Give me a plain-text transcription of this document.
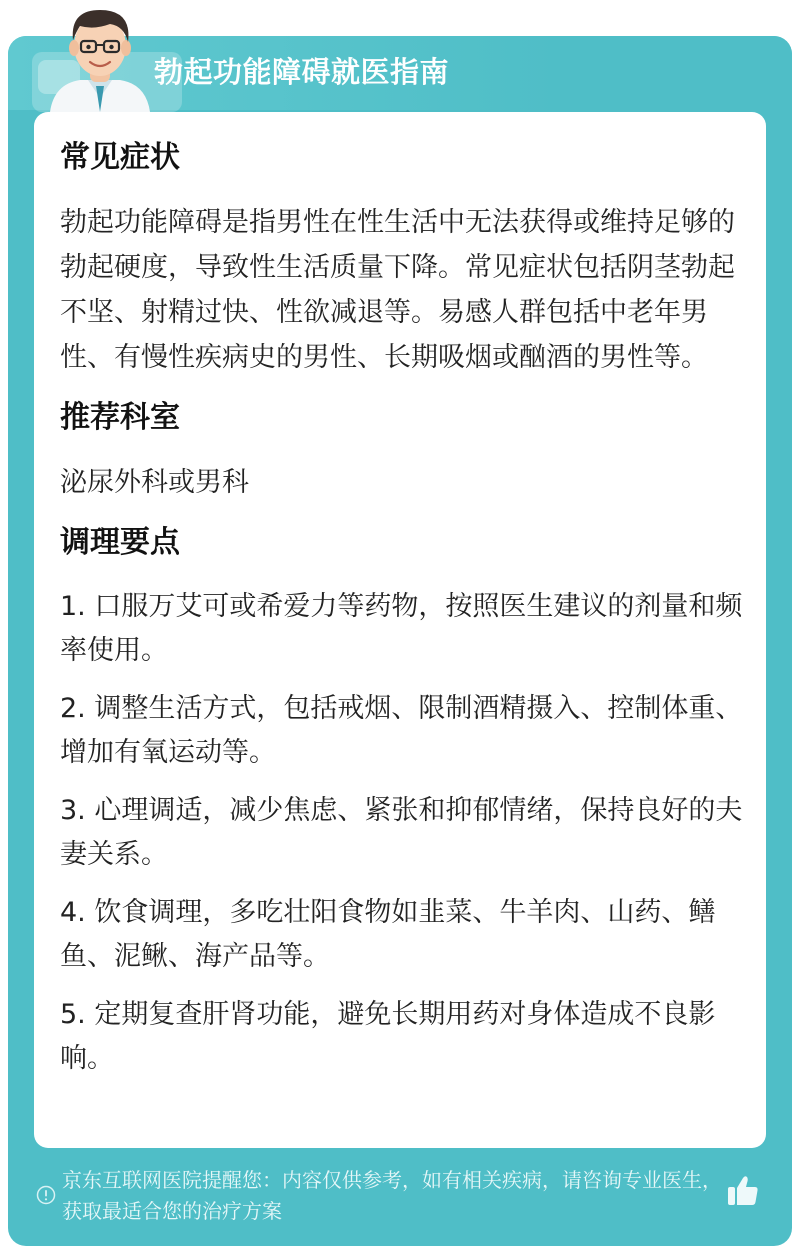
勃起功能障碍就医指南
常见症状

勃起功能障碍是指男性在性生活中无法获得或维持足够的勃起硬度，导致性生活质量下降。常见症状包括阴茎勃起不坚、射精过快、性欲减退等。易感人群包括中老年男性、有慢性疾病史的男性、长期吸烟或酗酒的男性等。

推荐科室

泌尿外科或男科

调理要点

1. 口服万艾可或希爱力等药物，按照医生建议的剂量和频率使用。

2. 调整生活方式，包括戒烟、限制酒精摄入、控制体重、增加有氧运动等。

3. 心理调适，减少焦虑、紧张和抑郁情绪，保持良好的夫妻关系。

4. 饮食调理，多吃壮阳食物如韭菜、牛羊肉、山药、鳝鱼、泥鳅、海产品等。

5. 定期复查肝肾功能，避免长期用药对身体造成不良影响。

京东互联网医院提醒您：内容仅供参考，如有相关疾病，请咨询专业医生，获取最适合您的治疗方案
